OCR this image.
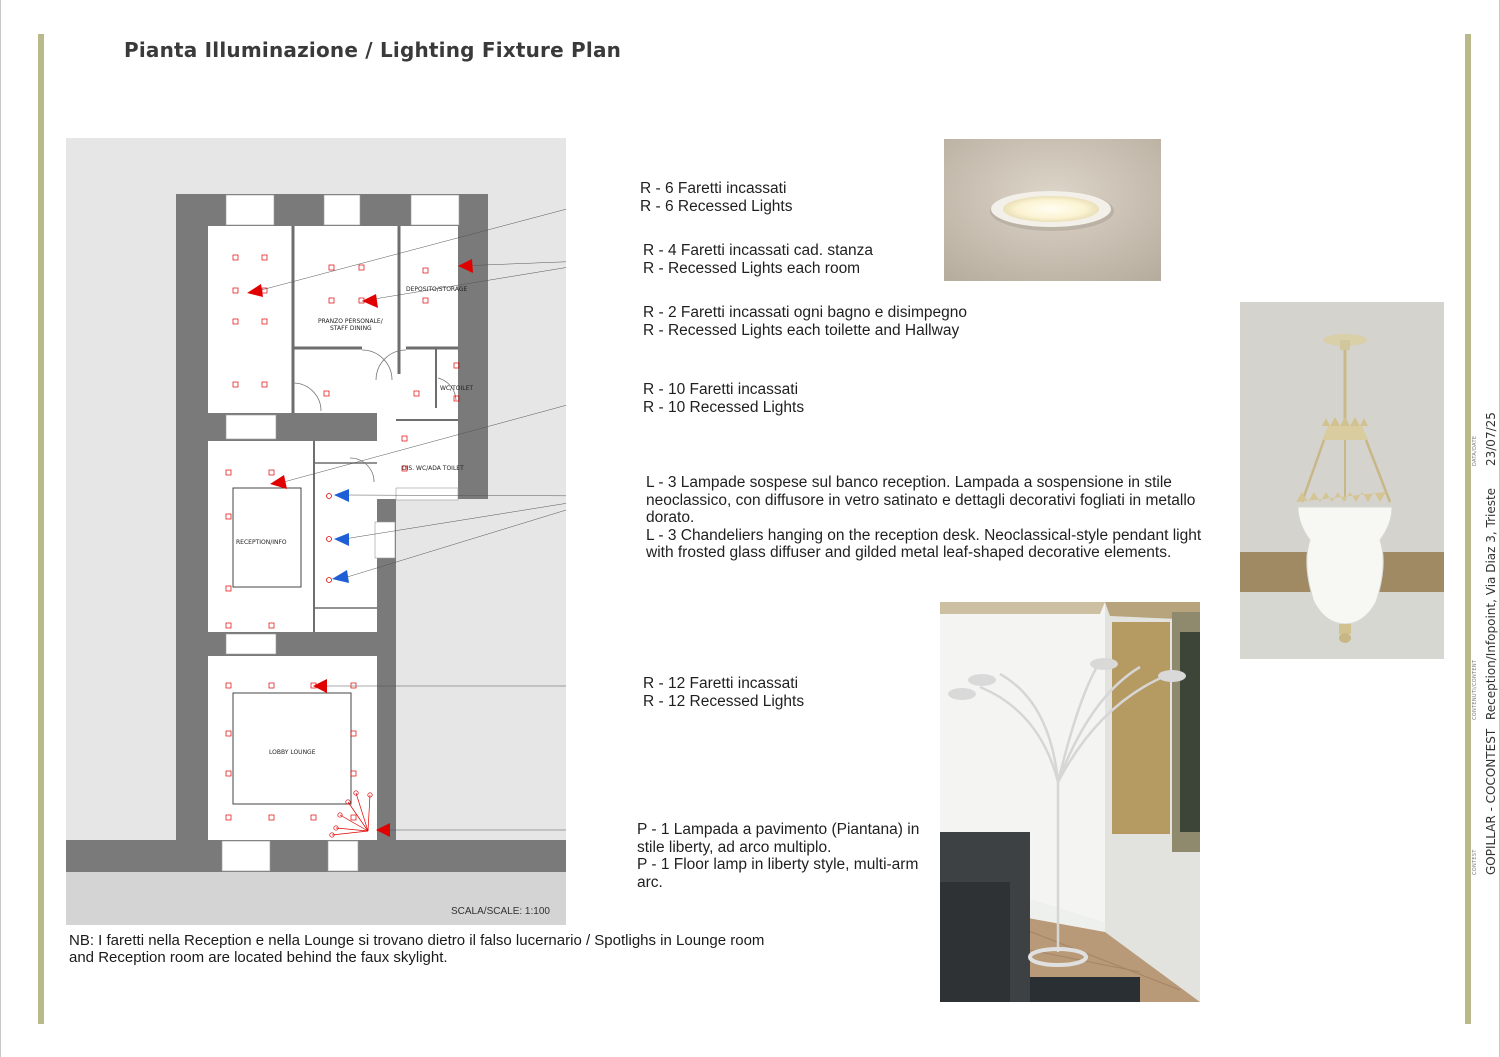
Pianta Illuminazione / Lighting Fixture Plan
DEPOSITO/STORAGE
PRANZO PERSONALE/
STAFF DINING
WC/TOILET
DIS. WC/ADA TOILET
RECEPTION/INFO
LOBBY LOUNGE
SCALA/SCALE: 1:100
R - 6 Faretti incassati
R - 6 Recessed Lights
R - 4 Faretti incassati cad. stanza
R - Recessed Lights each room
R - 2 Faretti incassati ogni bagno e disimpegno
R - Recessed Lights each toilette and Hallway
R - 10 Faretti incassati
R - 10 Recessed Lights
L - 3 Lampade sospese sul banco reception. Lampada a sospensione in stile
neoclassico, con diffusore in vetro satinato e dettagli decorativi fogliati in metallo
dorato.
L - 3 Chandeliers hanging on the reception desk. Neoclassical-style pendant light
with frosted glass diffuser and gilded metal leaf-shaped decorative elements.
R - 12 Faretti incassati
R - 12 Recessed Lights
P - 1 Lampada a pavimento (Piantana) in
stile liberty, ad arco multiplo.
P - 1 Floor lamp in liberty style, multi-arm
arc.
NB: I faretti nella Reception e nella Lounge si trovano dietro il falso lucernario / Spotlighs in Lounge room and Reception room are located behind the faux skylight.
DATA/DATE 23/07/25
CONTENUTI/CONTENT Reception/Infopoint, Via Diaz 3, Trieste
CONTEST GOPILLAR - COCONTEST
